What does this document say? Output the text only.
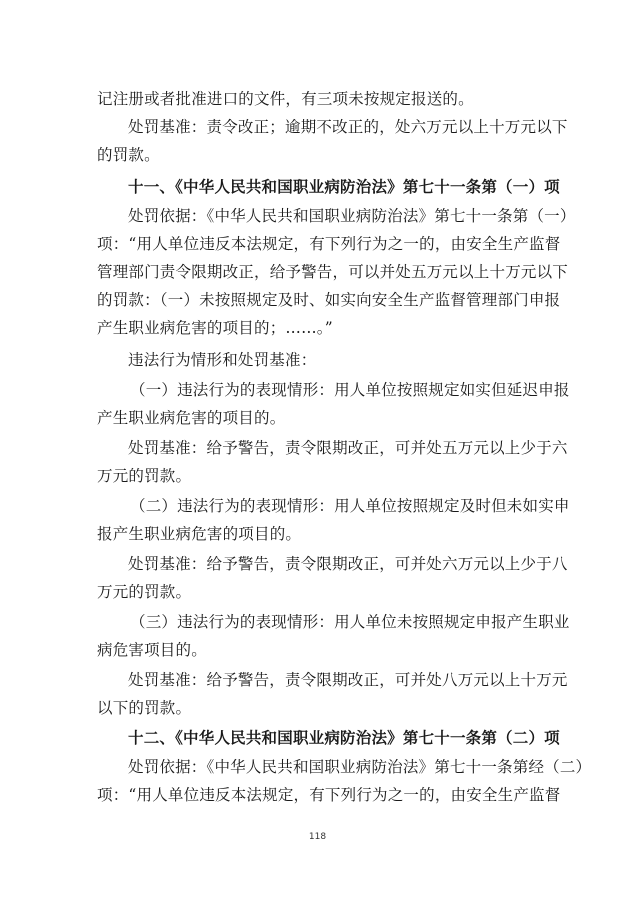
记注册或者批准进口的文件，有三项未按规定报送的。
处罚基准：责令改正；逾期不改正的，处六万元以上十万元以下
的罚款。
十一、《中华人民共和国职业病防治法》第七十一条第（一）项
处罚依据：《中华人民共和国职业病防治法》第七十一条第（一）
项：“用人单位违反本法规定，有下列行为之一的，由安全生产监督
管理部门责令限期改正，给予警告，可以并处五万元以上十万元以下
的罚款：（一）未按照规定及时、如实向安全生产监督管理部门申报
产生职业病危害的项目的；……。”
违法行为情形和处罚基准：
（一）违法行为的表现情形：用人单位按照规定如实但延迟申报
产生职业病危害的项目的。
处罚基准：给予警告，责令限期改正，可并处五万元以上少于六
万元的罚款。
（二）违法行为的表现情形：用人单位按照规定及时但未如实申
报产生职业病危害的项目的。
处罚基准：给予警告，责令限期改正，可并处六万元以上少于八
万元的罚款。
（三）违法行为的表现情形：用人单位未按照规定申报产生职业
病危害项目的。
处罚基准：给予警告，责令限期改正，可并处八万元以上十万元
以下的罚款。
十二、《中华人民共和国职业病防治法》第七十一条第（二）项
处罚依据：《中华人民共和国职业病防治法》第七十一条第经（二）
项：“用人单位违反本法规定，有下列行为之一的，由安全生产监督
118
